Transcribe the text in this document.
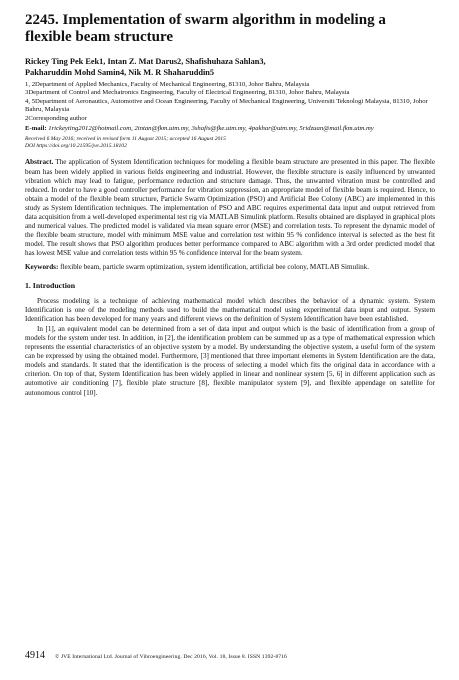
2245. Implementation of swarm algorithm in modeling a flexible beam structure
Rickey Ting Pek Eek1, Intan Z. Mat Darus2, Shafishuhaza Sahlan3,
Pakharuddin Mohd Samin4, Nik M. R Shaharuddin5

1, 2Department of Applied Mechanics, Faculty of Mechanical Engineering, 81310, Johor Bahru, Malaysia

3Department of Control and Mechatronics Engineering, Faculty of Electrical Engineering, 81310, Johor Bahru, Malaysia

4, 5Department of Aeronautics, Automotive and Ocean Engineering, Faculty of Mechanical Engineering, Universiti Teknologi Malaysia, 81310, Johor Bahru, Malaysia

2Corresponding author

E-mail: 1rickeyting2012@hotmail.com, 2intan@fkm.utm.my, 3shafis@fke.utm.my, 4pakhar@utm.my, 5ridzuan@mail.fkm.utm.my
Received 6 May 2016; received in revised form 11 August 2015; accepted 16 August 2015
DOI https://doi.org/10.21595/jve.2015.18102

Abstract. The application of System Identification techniques for modeling a flexible beam structure are presented in this paper. The flexible beam has been widely applied in various fields engineering and industrial. However, the flexible structure is easily influenced by unwanted vibration which may lead to fatigue, performance reduction and structure damage. Thus, the unwanted vibration must be controlled and reduced. In order to have a good controller performance for vibration suppression, an appropriate model of flexible beam is required. Hence, to obtain a model of the flexible beam structure, Particle Swarm Optimization (PSO) and Artificial Bee Colony (ABC) are implemented in this study as System Identification techniques. The implementation of PSO and ABC requires experimental data input and output retrieved from data acquisition from a well-developed experimental test rig via MATLAB Simulink platform. Results obtained are displayed in graphical plots and numerical values. The predicted model is validated via mean square error (MSE) and correlation tests. To represent the dynamic model of the flexible beam structure, model with minimum MSE value and correlation test within 95 % confidence interval is selected as the best fit model. The result shows that PSO algorithm produces better performance compared to ABC algorithm with a 3rd order predicted model that has lowest MSE value and correlation tests within 95 % confidence interval for the beam system.

Keywords: flexible beam, particle swarm optimization, system identification, artificial bee colony, MATLAB Simulink.

1. Introduction

Process modeling is a technique of achieving mathematical model which describes the behavior of a dynamic system. System Identification is one of the modeling methods used to build the mathematical model using experimental data input and output. System Identification has been developed for many years and different views on the definition of System Identification have been established.

In [1], an equivalent model can be determined from a set of data input and output which is the basic of identification from a group of models for the system under test. In addition, in [2], the identification problem can be summed up as a type of mathematical expression which represents the essential characteristics of an objective system by a model. By understanding the objective system, a useful form of the system can be expressed by using the obtained model. Furthermore, [3] mentioned that three important elements in System Identification are the data, models and standards. It stated that the identification is the process of selecting a model which fits the original data in accordance with a criterion. On top of that, System Identification has been widely applied in linear and nonlinear system [5, 6] in different application such as automotive air conditioning [7], flexible plate structure [8], flexible manipulator system [9], and flexible appendage on satellite for autonomous control [10].

4914 © JVE International Ltd. Journal of Vibroengineering. Dec 2016, Vol. 18, Issue 8. ISSN 1392-8716
